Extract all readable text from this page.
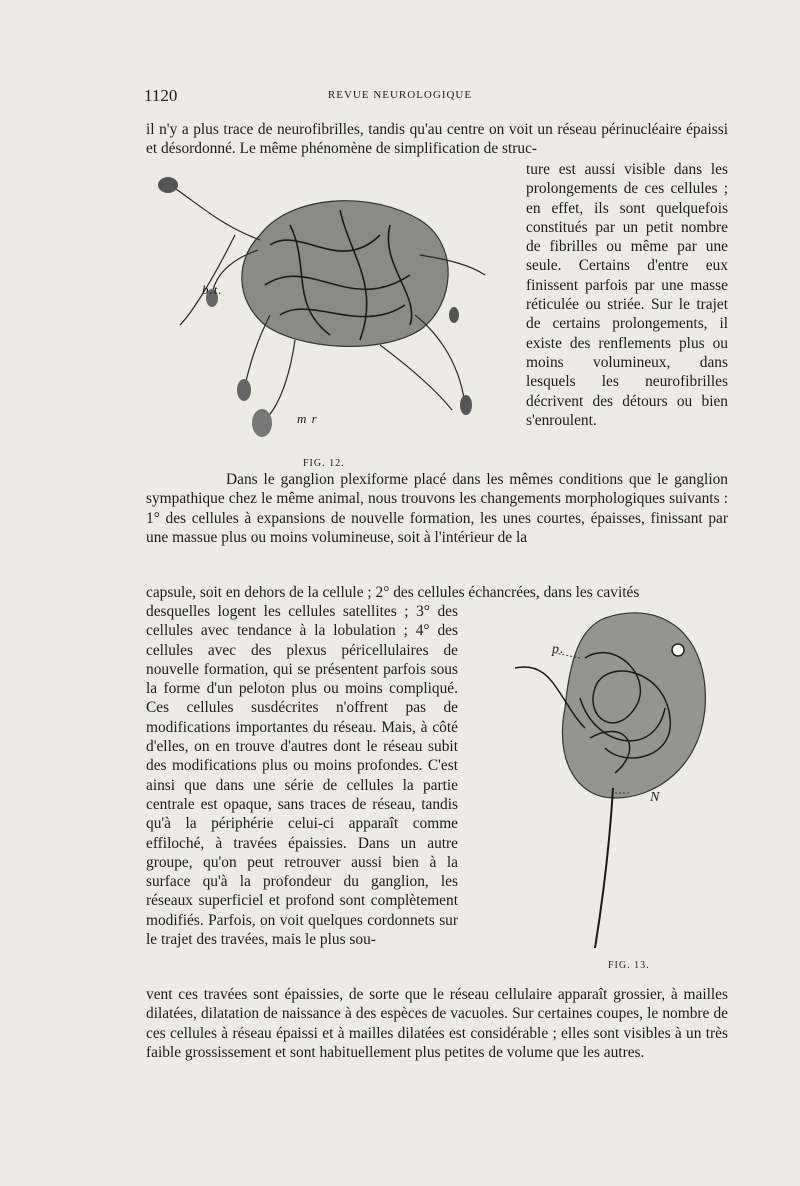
1120	REVUE NEUROLOGIQUE

il n'y a plus trace de neurofibrilles, tandis qu'au centre on voit un réseau périnucléaire épaissi et désordonné. Le même phénomène de simplification de struc-

ture est aussi visible dans les prolongements de ces cellules ; en effet, ils sont quelquefois constitués par un petit nombre de fibrilles ou même par une seule. Certains d'entre eux finissent parfois par une masse réticulée ou striée. Sur le trajet de certains prolongements, il existe des renflements plus ou moins volumineux, dans lesquels les neurofibrilles décrivent des détours ou bien s'enroulent.

Dans le ganglion plexiforme placé dans les mêmes conditions que le ganglion sympathique chez le même animal, nous trouvons les changements morphologiques suivants : 1° des cellules à expansions de nouvelle formation, les unes courtes, épaisses, finissant par une massue plus ou moins volumineuse, soit à l'intérieur de la

capsule, soit en dehors de la cellule ; 2° des cellules échancrées, dans les cavités

desquelles logent les cellules satellites ; 3° des cellules avec tendance à la lobulation ; 4° des cellules avec des plexus péricellulaires de nouvelle formation, qui se présentent parfois sous la forme d'un peloton plus ou moins compliqué. Ces cellules susdécrites n'offrent pas de modifications importantes du réseau. Mais, à côté d'elles, on en trouve d'autres dont le réseau subit des modifications plus ou moins profondes. C'est ainsi que dans une série de cellules la partie centrale est opaque, sans traces de réseau, tandis qu'à la périphérie celui-ci apparaît comme effiloché, à travées épaissies. Dans un autre groupe, qu'on peut retrouver aussi bien à la surface qu'à la profondeur du ganglion, les réseaux superficiel et profond sont complètement modifiés. Parfois, on voit quelques cordonnets sur le trajet des travées, mais le plus sou-

vent ces travées sont épaissies, de sorte que le réseau cellulaire apparaît grossier, à mailles dilatées, dilatation de naissance à des espèces de vacuoles. Sur certaines coupes, le nombre de ces cellules à réseau épaissi et à mailles dilatées est considérable ; elles sont visibles à un très faible grossissement et sont habituellement plus petites de volume que les autres.

b.t.
m r
FIG. 12.
p.
N
FIG. 13.
